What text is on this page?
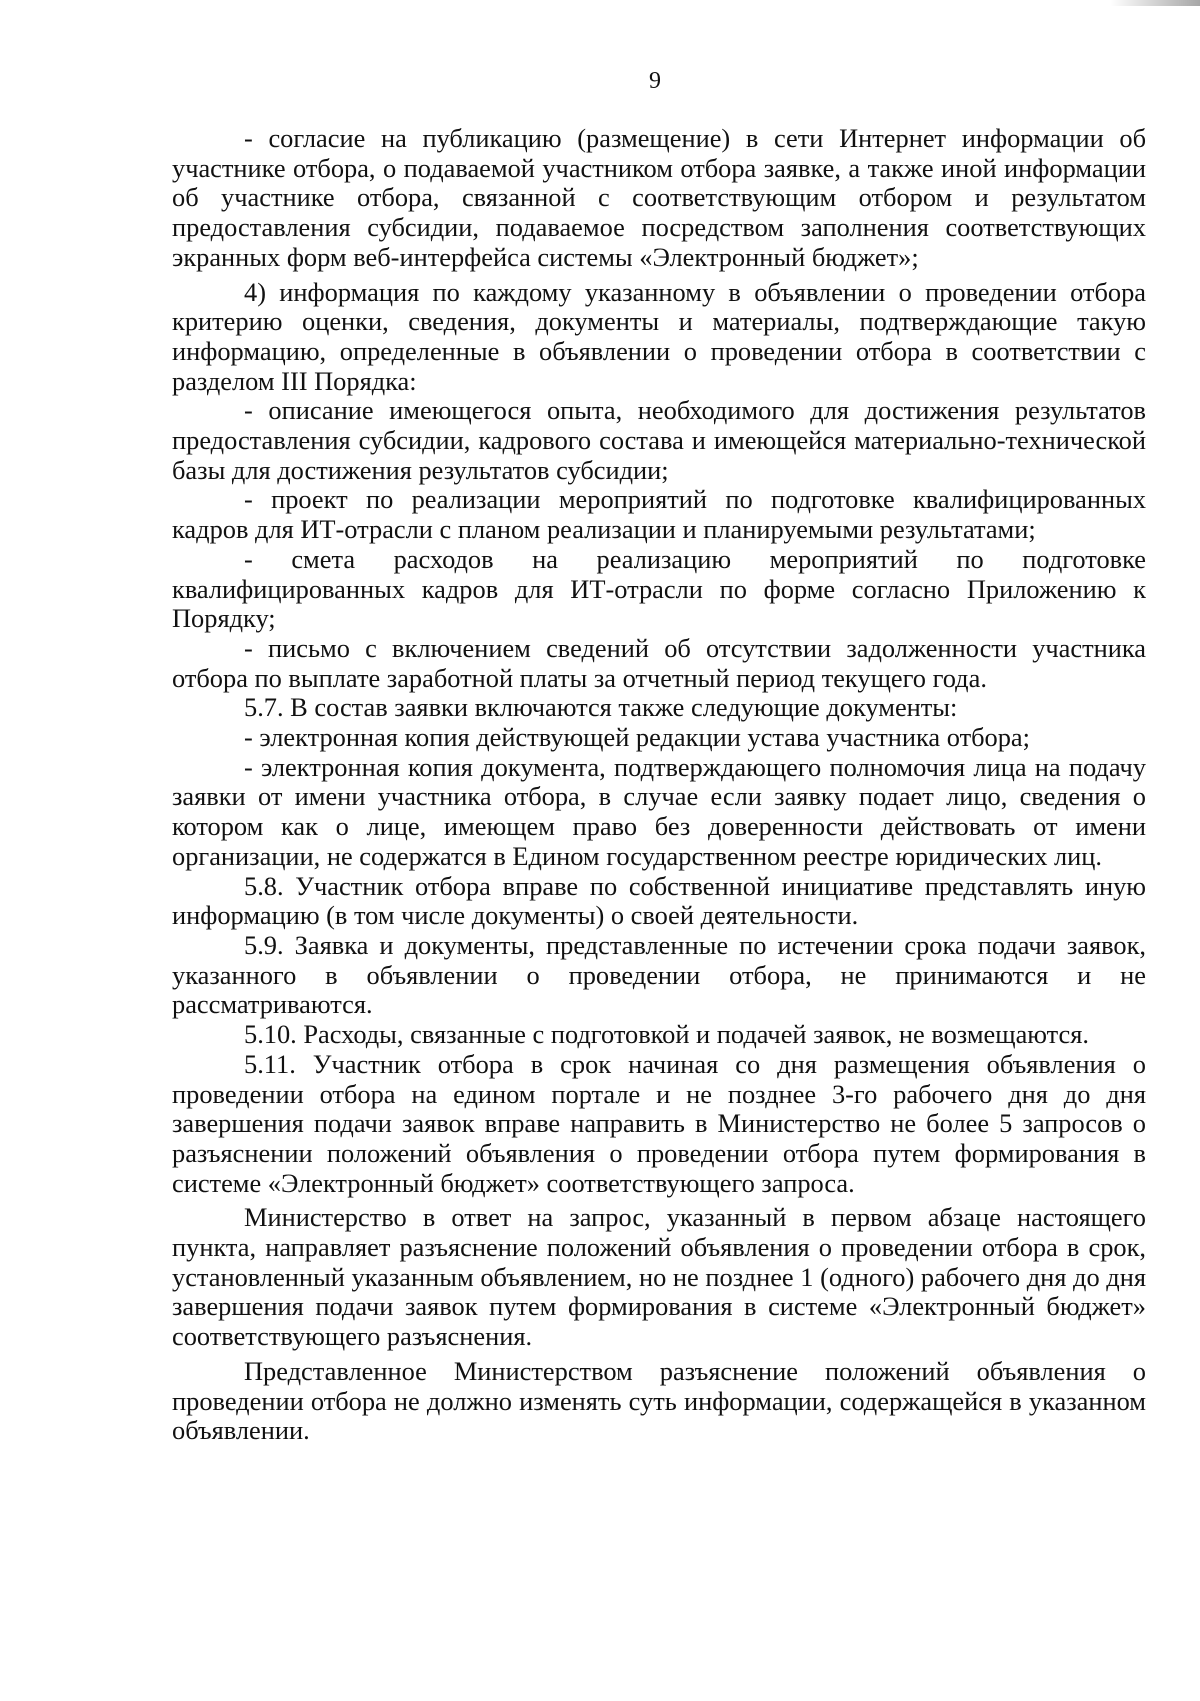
9

- согласие на публикацию (размещение) в сети Интернет информации об участнике отбора, о подаваемой участником отбора заявке, а также иной информации об участнике отбора, связанной с соответствующим отбором и результатом предоставления субсидии, подаваемое посредством заполнения соответствующих экранных форм веб-интерфейса системы «Электронный бюджет»;

4) информация по каждому указанному в объявлении о проведении отбора критерию оценки, сведения, документы и материалы, подтверждающие такую информацию, определенные в объявлении о проведении отбора в соответствии с разделом III Порядка:

- описание имеющегося опыта, необходимого для достижения результатов предоставления субсидии, кадрового состава и имеющейся материально-технической базы для достижения результатов субсидии;

- проект по реализации мероприятий по подготовке квалифицированных кадров для ИТ-отрасли с планом реализации и планируемыми результатами;

- смета расходов на реализацию мероприятий по подготовке квалифицированных кадров для ИТ-отрасли по форме согласно Приложению к Порядку;

- письмо с включением сведений об отсутствии задолженности участника отбора по выплате заработной платы за отчетный период текущего года.

5.7. В состав заявки включаются также следующие документы:

- электронная копия действующей редакции устава участника отбора;

- электронная копия документа, подтверждающего полномочия лица на подачу заявки от имени участника отбора, в случае если заявку подает лицо, сведения о котором как о лице, имеющем право без доверенности действовать от имени организации, не содержатся в Едином государственном реестре юридических лиц.

5.8. Участник отбора вправе по собственной инициативе представлять иную информацию (в том числе документы) о своей деятельности.

5.9. Заявка и документы, представленные по истечении срока подачи заявок, указанного в объявлении о проведении отбора, не принимаются и не рассматриваются.

5.10. Расходы, связанные с подготовкой и подачей заявок, не возмещаются.

5.11. Участник отбора в срок начиная со дня размещения объявления о проведении отбора на едином портале и не позднее 3-го рабочего дня до дня завершения подачи заявок вправе направить в Министерство не более 5 запросов о разъяснении положений объявления о проведении отбора путем формирования в системе «Электронный бюджет» соответствующего запроса.

Министерство в ответ на запрос, указанный в первом абзаце настоящего пункта, направляет разъяснение положений объявления о проведении отбора в срок, установленный указанным объявлением, но не позднее 1 (одного) рабочего дня до дня завершения подачи заявок путем формирования в системе «Электронный бюджет» соответствующего разъяснения.

Представленное Министерством разъяснение положений объявления о проведении отбора не должно изменять суть информации, содержащейся в указанном объявлении.
